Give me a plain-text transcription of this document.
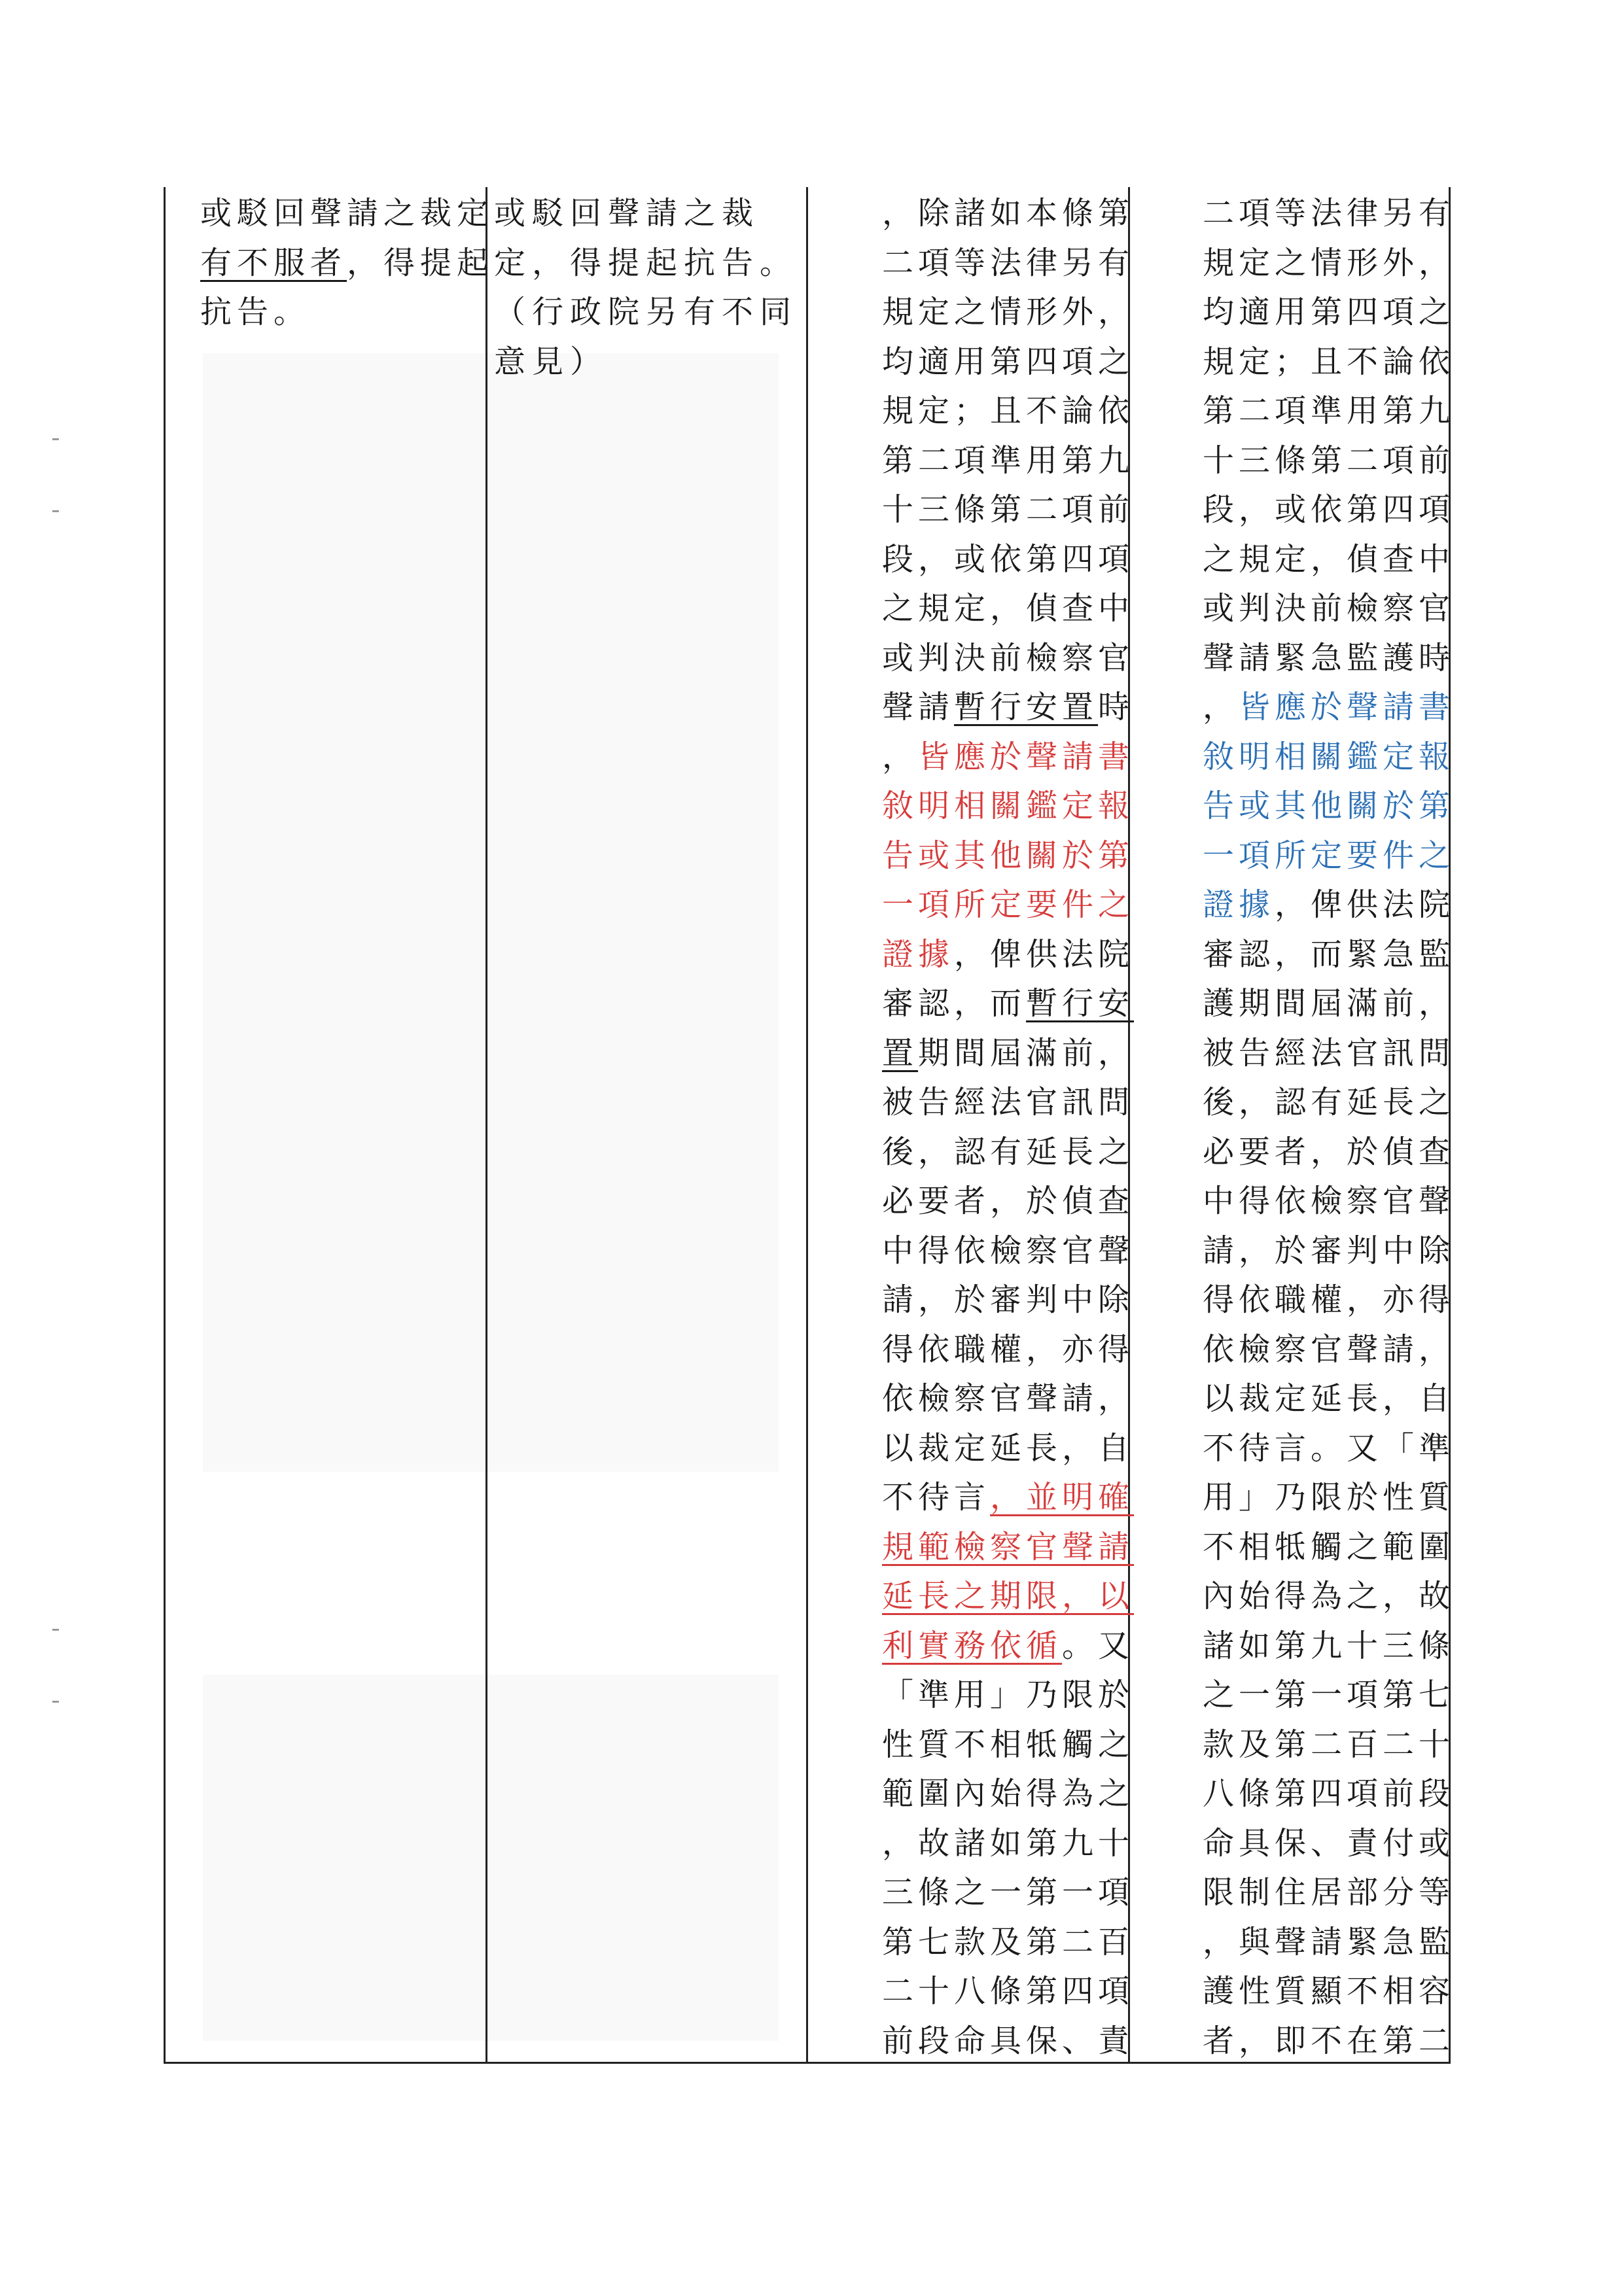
或駁回聲請之裁定
有不服者，得提起
抗告。
或駁回聲請之裁
定，得提起抗告。
（行政院另有不同
意見）
，除諸如本條第
二項等法律另有
規定之情形外，
均適用第四項之
規定；且不論依
第二項準用第九
十三條第二項前
段，或依第四項
之規定，偵查中
或判決前檢察官
聲請暫行安置時
，皆應於聲請書
敘明相關鑑定報
告或其他關於第
一項所定要件之
證據，俾供法院
審認，而暫行安
置期間屆滿前，
被告經法官訊問
後，認有延長之
必要者，於偵查
中得依檢察官聲
請，於審判中除
得依職權，亦得
依檢察官聲請，
以裁定延長，自
不待言，並明確
規範檢察官聲請
延長之期限，以
利實務依循。又
「準用」乃限於
性質不相牴觸之
範圍內始得為之
，故諸如第九十
三條之一第一項
第七款及第二百
二十八條第四項
前段命具保、責
二項等法律另有
規定之情形外，
均適用第四項之
規定；且不論依
第二項準用第九
十三條第二項前
段，或依第四項
之規定，偵查中
或判決前檢察官
聲請緊急監護時
，皆應於聲請書
敘明相關鑑定報
告或其他關於第
一項所定要件之
證據，俾供法院
審認，而緊急監
護期間屆滿前，
被告經法官訊問
後，認有延長之
必要者，於偵查
中得依檢察官聲
請，於審判中除
得依職權，亦得
依檢察官聲請，
以裁定延長，自
不待言。又「準
用」乃限於性質
不相牴觸之範圍
內始得為之，故
諸如第九十三條
之一第一項第七
款及第二百二十
八條第四項前段
命具保、責付或
限制住居部分等
，與聲請緊急監
護性質顯不相容
者，即不在第二
